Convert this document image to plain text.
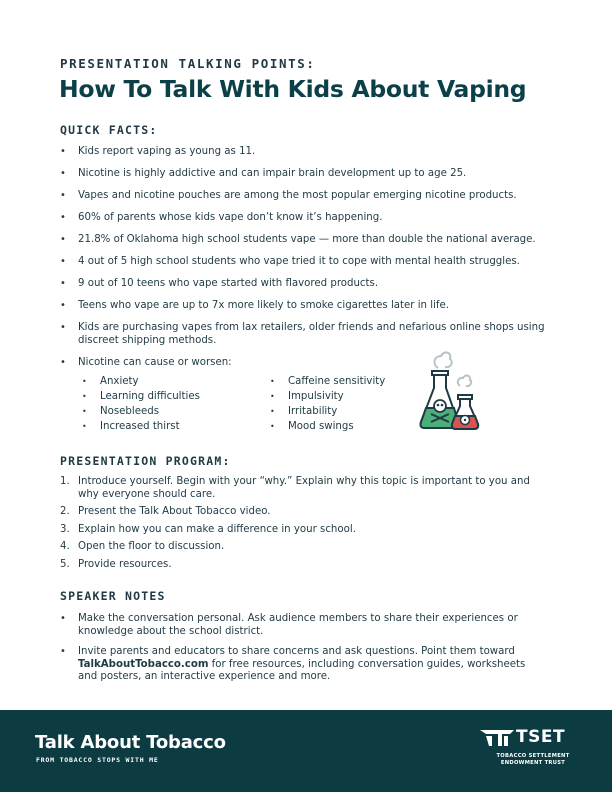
PRESENTATION TALKING POINTS:
How To Talk With Kids About Vaping
QUICK FACTS:
• Kids report vaping as young as 11.
• Nicotine is highly addictive and can impair brain development up to age 25.
• Vapes and nicotine pouches are among the most popular emerging nicotine products.
• 60% of parents whose kids vape don’t know it’s happening.
• 21.8% of Oklahoma high school students vape — more than double the national average.
• 4 out of 5 high school students who vape tried it to cope with mental health struggles.
• 9 out of 10 teens who vape started with flavored products.
• Teens who vape are up to 7x more likely to smoke cigarettes later in life.
• Kids are purchasing vapes from lax retailers, older friends and nefarious online shops using discreet shipping methods.
• Nicotine can cause or worsen:
• Anxiety
• Learning difficulties
• Nosebleeds
• Increased thirst
• Caffeine sensitivity
• Impulsivity
• Irritability
• Mood swings
PRESENTATION PROGRAM:
1. Introduce yourself. Begin with your “why.” Explain why this topic is important to you and why everyone should care.
2. Present the Talk About Tobacco video.
3. Explain how you can make a difference in your school.
4. Open the floor to discussion.
5. Provide resources.
SPEAKER NOTES
• Make the conversation personal. Ask audience members to share their experiences or knowledge about the school district.
• Invite parents and educators to share concerns and ask questions. Point them toward TalkAboutTobacco.com for free resources, including conversation guides, worksheets and posters, an interactive experience and more.
Talk About Tobacco
FROM TOBACCO STOPS WITH ME
TSET
TOBACCO SETTLEMENT
ENDOWMENT TRUST
